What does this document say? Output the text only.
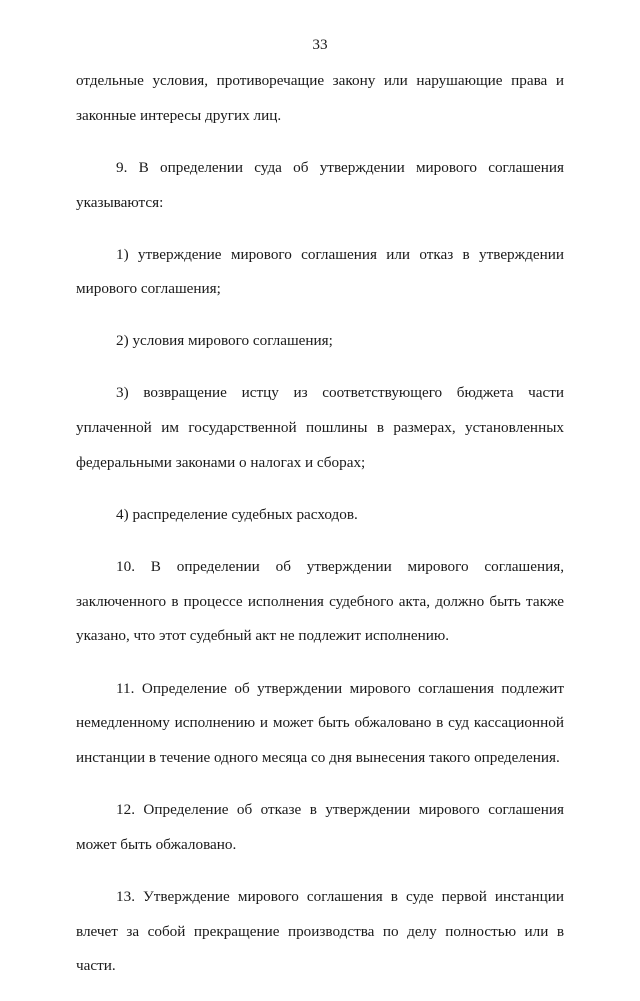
33

отдельные условия, противоречащие закону или нарушающие права и законные интересы других лиц.

9. В определении суда об утверждении мирового соглашения указываются:

1) утверждение мирового соглашения или отказ в утверждении мирового соглашения;

2) условия мирового соглашения;

3) возвращение истцу из соответствующего бюджета части уплаченной им государственной пошлины в размерах, установленных федеральными законами о налогах и сборах;

4) распределение судебных расходов.

10. В определении об утверждении мирового соглашения, заключенного в процессе исполнения судебного акта, должно быть также указано, что этот судебный акт не подлежит исполнению.

11. Определение об утверждении мирового соглашения подлежит немедленному исполнению и может быть обжаловано в суд кассационной инстанции в течение одного месяца со дня вынесения такого определения.

12. Определение об отказе в утверждении мирового соглашения может быть обжаловано.

13. Утверждение мирового соглашения в суде первой инстанции влечет за собой прекращение производства по делу полностью или в части.
